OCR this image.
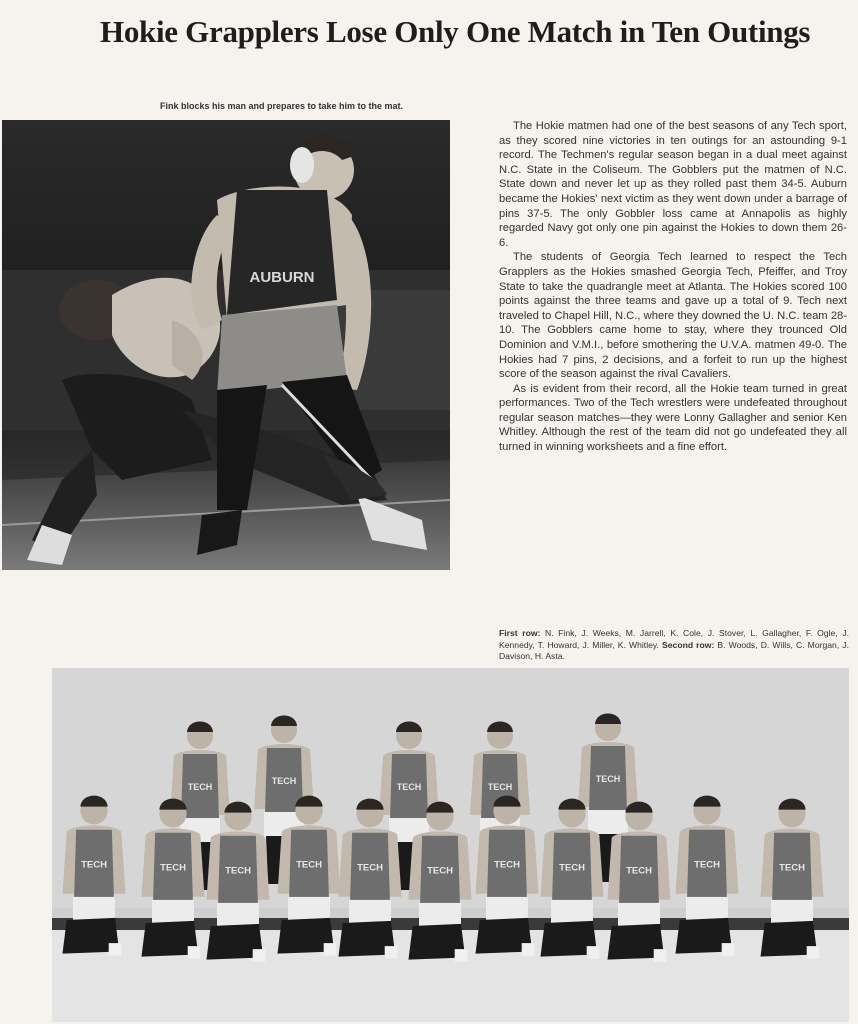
Hokie Grapplers Lose Only One Match in Ten Outings
Fink blocks his man and prepares to take him to the mat.
AUBURN

The Hokie matmen had one of the best seasons of any Tech sport, as they scored nine victories in ten outings for an astounding 9-1 record. The Techmen's regular season began in a dual meet against N.C. State in the Coliseum. The Gobblers put the matmen of N.C. State down and never let up as they rolled past them 34-5. Auburn became the Hokies' next victim as they went down under a barrage of pins 37-5. The only Gobbler loss came at Annapolis as highly regarded Navy got only one pin against the Hokies to down them 26-6.

The students of Georgia Tech learned to respect the Tech Grapplers as the Hokies smashed Georgia Tech, Pfeiffer, and Troy State to take the quadrangle meet at Atlanta. The Hokies scored 100 points against the three teams and gave up a total of 9. Tech next traveled to Chapel Hill, N.C., where they downed the U. N.C. team 28-10. The Gobblers came home to stay, where they trounced Old Dominion and V.M.I., before smothering the U.V.A. matmen 49-0. The Hokies had 7 pins, 2 decisions, and a forfeit to run up the highest score of the season against the rival Cavaliers.

As is evident from their record, all the Hokie team turned in great performances. Two of the Tech wrestlers were undefeated throughout regular season matches—they were Lonny Gallagher and senior Ken Whitley. Although the rest of the team did not go undefeated they all turned in winning worksheets and a fine effort.

First row: N. Fink, J. Weeks, M. Jarrell, K. Cole, J. Stover, L. Gallagher, F. Ogle, J. Kennedy, T. Howard, J. Miller, K. Whitley. Second row: B. Woods, D. Wills, C. Morgan, J. Davison, H. Asta.
TECH
TECH
TECH	TECH
TECH
TECH	TECH	TECH
TECH	TECH	TECH
TECH	TECH	TECH
TECH	TECH
